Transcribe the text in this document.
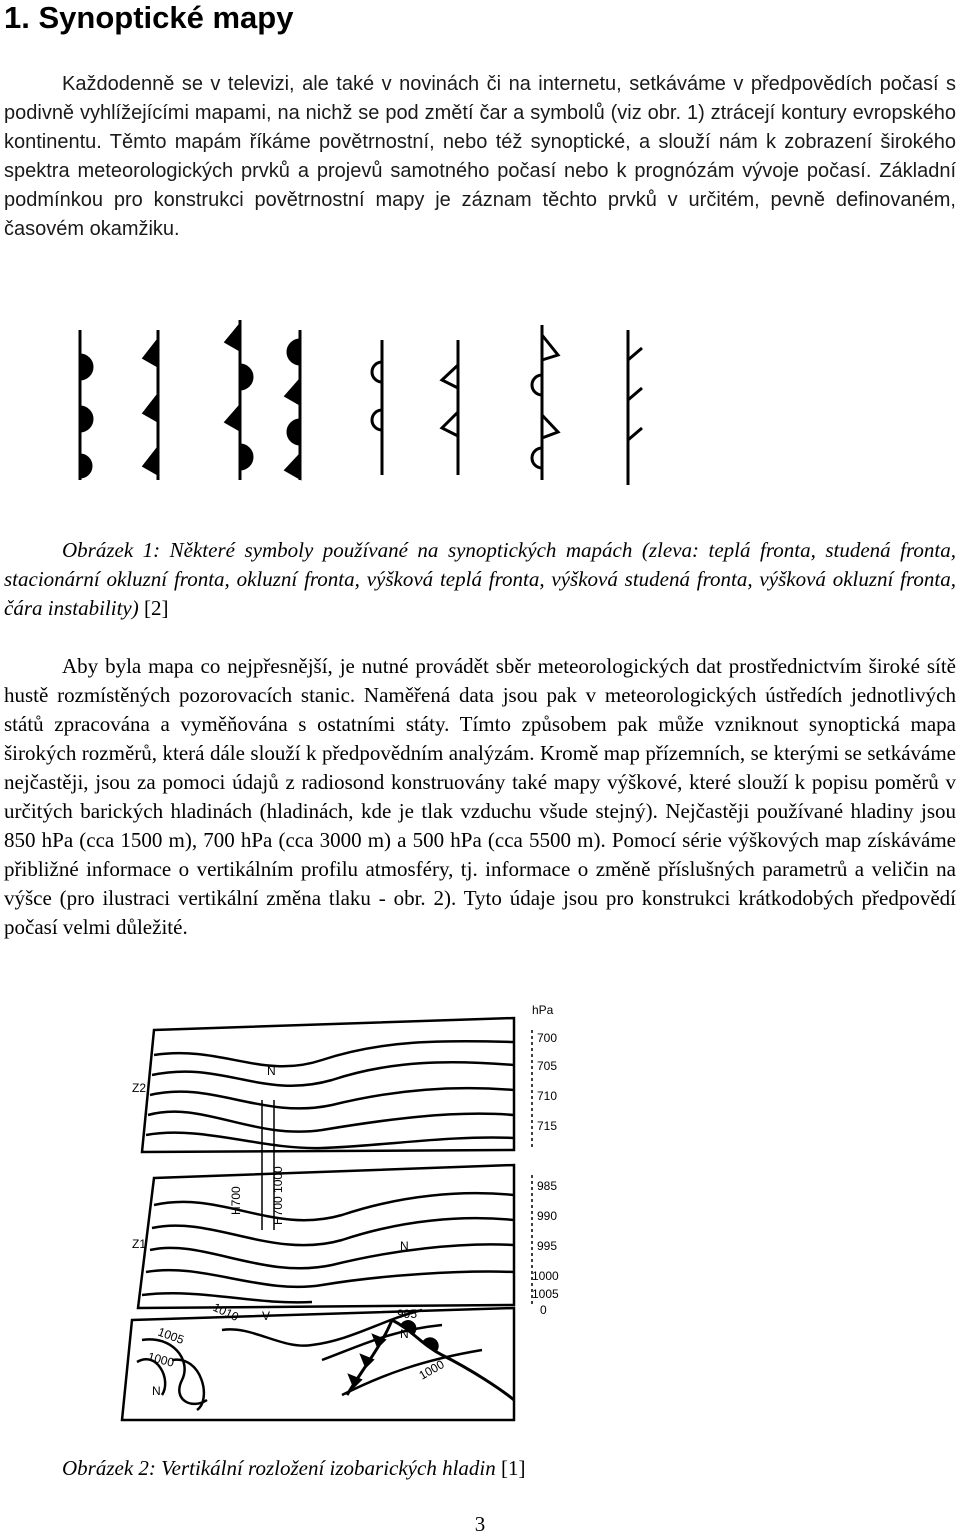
1. Synoptické mapy

Každodenně se v televizi, ale také v novinách či na internetu, setkáváme v předpovědích počasí s podivně vyhlížejícími mapami, na nichž se pod změtí čar a symbolů (viz obr. 1) ztrácejí kontury evropského kontinentu. Těmto mapám říkáme povětrnostní, nebo též synoptické, a slouží nám k zobrazení širokého spektra meteorologických prvků a projevů samotného počasí nebo k prognózám vývoje počasí. Základní podmínkou pro konstrukci povětrnostní mapy je záznam těchto prvků v určitém, pevně definovaném, časovém okamžiku.

Obrázek 1: Některé symboly používané na synoptických mapách (zleva: teplá fronta, studená fronta, stacionární okluzní fronta, okluzní fronta, výšková teplá fronta, výšková studená fronta, výšková okluzní fronta, čára instability) [2]

Aby byla mapa co nejpřesnější, je nutné provádět sběr meteorologických dat prostřednictvím široké sítě hustě rozmístěných pozorovacích stanic. Naměřená data jsou pak v meteorologických ústředích jednotlivých států zpracována a vyměňována s ostatními státy. Tímto způsobem pak může vzniknout synoptická mapa širokých rozměrů, která dále slouží k předpovědním analýzám. Kromě map přízemních, se kterými se setkáváme nejčastěji, jsou za pomoci údajů z radiosond konstruovány také mapy výškové, které slouží k popisu poměrů v určitých barických hladinách (hladinách, kde je tlak vzduchu všude stejný). Nejčastěji používané hladiny jsou 850 hPa (cca 1500 m), 700 hPa (cca 3000 m) a 500 hPa (cca 5500 m). Pomocí série výškových map získáváme přibližné informace o vertikálním profilu atmosféry, tj. informace o změně příslušných parametrů a veličin na výšce (pro ilustraci vertikální změna tlaku - obr. 2). Tyto údaje jsou pro konstrukci krátkodobých předpovědí počasí velmi důležité.

hPa
700
705
710
715
985
990
995
1000
1005
0
Z2
Z1
H700 H700 1000
N
N
V
N
N
1010
1005
1000
995
1000

Obrázek 2: Vertikální rozložení izobarických hladin [1]

3
